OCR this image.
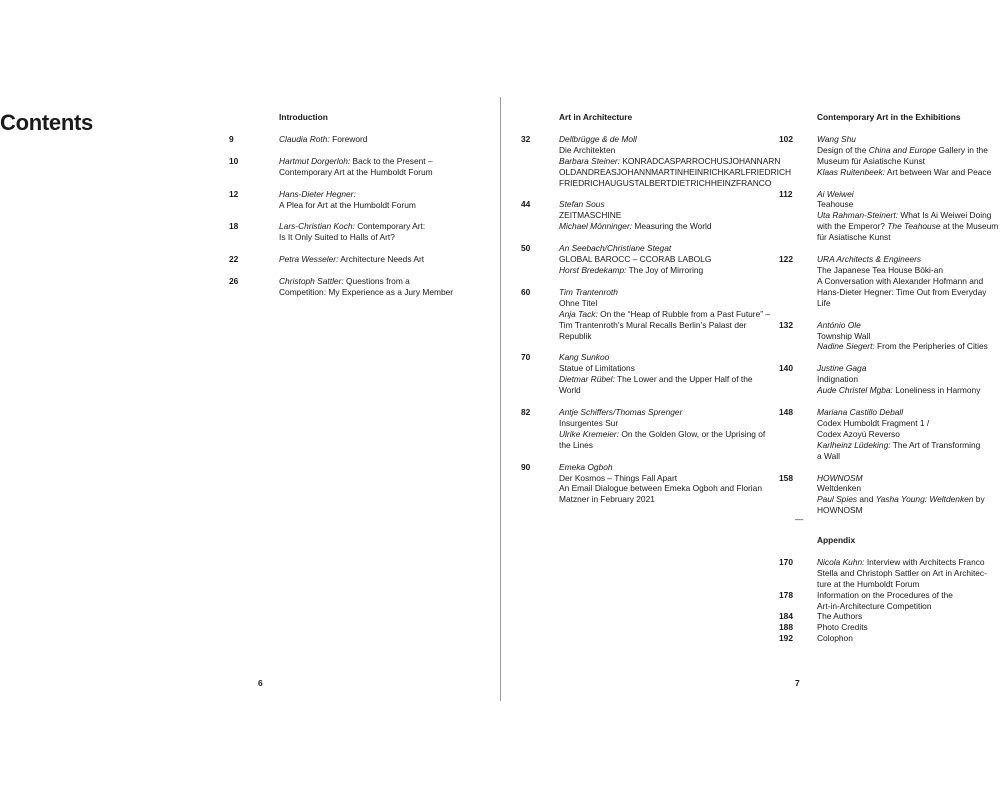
Contents	Introduction
9	Claudia Roth: Foreword
10	Hartmut Dorgerloh: Back to the Present –
Contemporary Art at the Humboldt Forum
12	Hans-Dieter Hegner:
A Plea for Art at the Humboldt Forum
18	Lars-Christian Koch: Contemporary Art:
Is It Only Suited to Halls of Art?
22	Petra Wesseler: Architecture Needs Art
26	Christoph Sattler: Questions from a
Competition: My Experience as a Jury Member
Art in Architecture
32	Dellbrügge & de Moll
Die Architekten
Barbara Steiner: KONRADCASPARROCHUSJOHANNARN
OLDANDREASJOHANNMARTINHEINRICHKARLFRIEDRICH
FRIEDRICHAUGUSTALBERTDIETRICHHEINZFRANCO
44	Stefan Sous
ZEITMASCHINE
Michael Mönninger: Measuring the World
50	An Seebach/Christiane Stegat
GLOBAL BAROCC – CCORAB LABOLG
Horst Bredekamp: The Joy of Mirroring
60	Tim Trantenroth
Ohne Titel
Anja Tack: On the “Heap of Rubble from a Past Future” –
Tim Trantenroth’s Mural Recalls Berlin’s Palast der
Republik
70	Kang Sunkoo
Statue of Limitations
Dietmar Rübel: The Lower and the Upper Half of the
World
82	Antje Schiffers/Thomas Sprenger
Insurgentes Sur
Ulrike Kremeier: On the Golden Glow, or the Uprising of
the Lines
90	Emeka Ogboh
Der Kosmos – Things Fall Apart
An Email Dialogue between Emeka Ogboh and Florian
Matzner in February 2021
Contemporary Art in the Exhibitions
102	Wang Shu
Design of the China and Europe Gallery in the
Museum für Asiatische Kunst
Klaas Ruitenbeek: Art between War and Peace
112	Ai Weiwei
Teahouse
Uta Rahman-Steinert: What Is Ai Weiwei Doing
with the Emperor? The Teahouse at the Museum
für Asiatische Kunst
122	URA Architects & Engineers
The Japanese Tea House Bōki-an
A Conversation with Alexander Hofmann and
Hans-Dieter Hegner: Time Out from Everyday
Life
132	António Ole
Township Wall
Nadine Siegert: From the Peripheries of Cities
140	Justine Gaga
Indignation
Aude Christel Mgba: Loneliness in Harmony
148	Mariana Castillo Deball
Codex Humboldt Fragment 1 /
Codex Azoyú Reverso
Karlheinz Lüdeking: The Art of Transforming
a Wall
158	HOWNOSM
Weltdenken
Paul Spies and Yasha Young: Weltdenken by
HOWNOSM
—
Appendix
170	Nicola Kuhn: Interview with Architects Franco
Stella and Christoph Sattler on Art in Architec-
ture at the Humboldt Forum
178	Information on the Procedures of the
Art-in-Architecture Competition
184	The Authors
188	Photo Credits
192	Colophon
6	7
